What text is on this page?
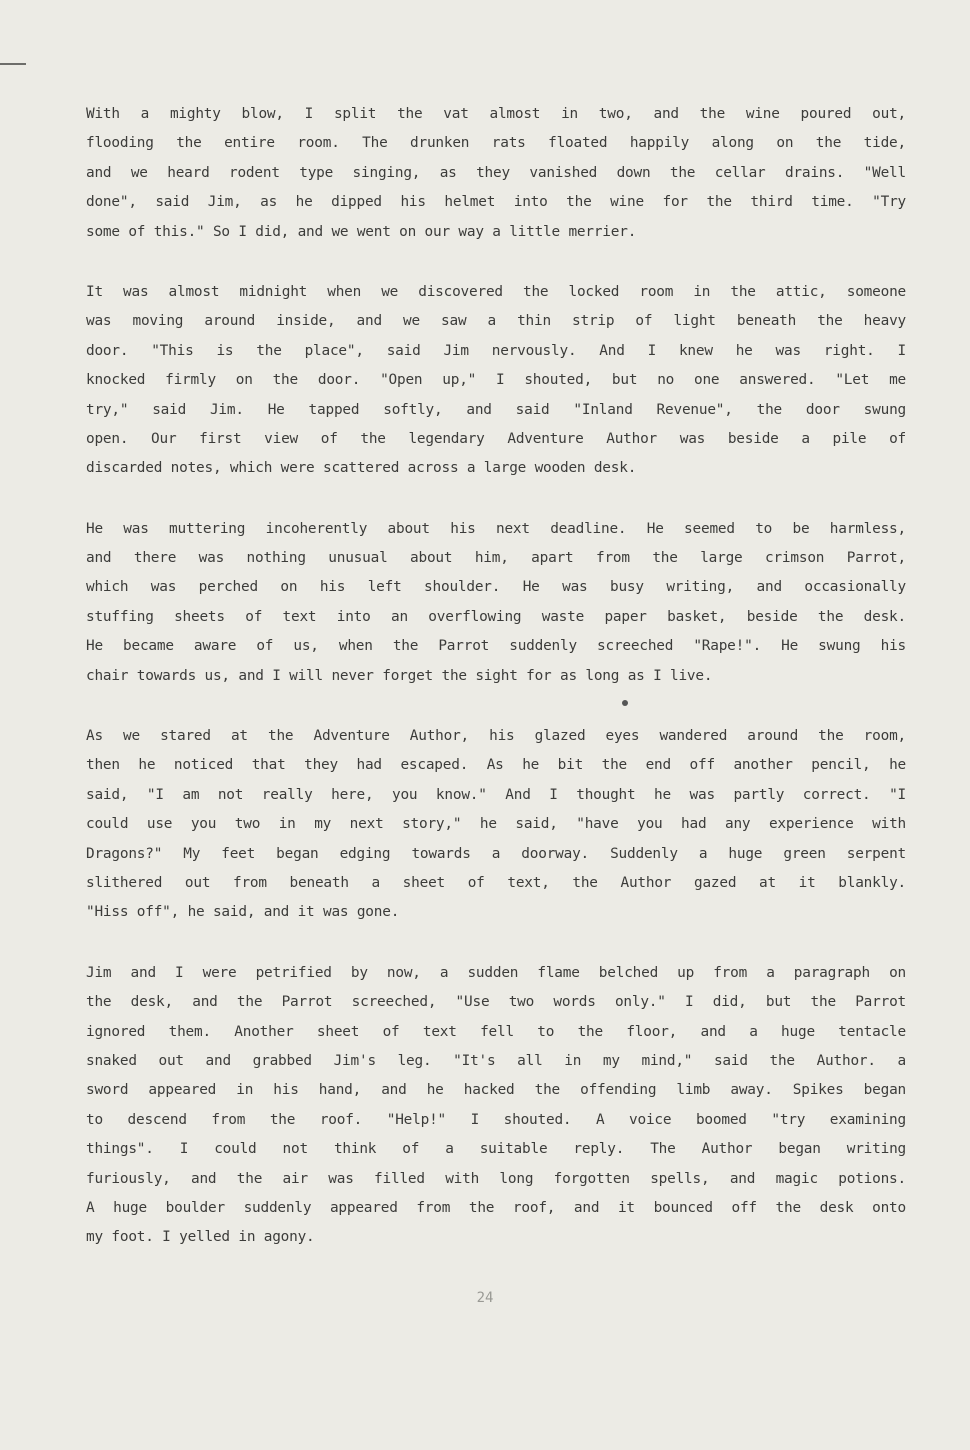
With a mighty blow, I split the vat almost in two, and the wine poured out,
flooding the entire room. The drunken rats floated happily along on the tide,
and we heard rodent type singing, as they vanished down the cellar drains. "Well
done", said Jim, as he dipped his helmet into the wine for the third time. "Try
some of this." So I did, and we went on our way a little merrier.
It was almost midnight when we discovered the locked room in the attic, someone
was moving around inside, and we saw a thin strip of light beneath the heavy
door. "This is the place", said Jim nervously. And I knew he was right. I
knocked firmly on the door. "Open up," I shouted, but no one answered. "Let me
try," said Jim. He tapped softly, and said "Inland Revenue", the door swung
open. Our first view of the legendary Adventure Author was beside a pile of
discarded notes, which were scattered across a large wooden desk.
He was muttering incoherently about his next deadline. He seemed to be harmless,
and there was nothing unusual about him, apart from the large crimson Parrot,
which was perched on his left shoulder. He was busy writing, and occasionally
stuffing sheets of text into an overflowing waste paper basket, beside the desk.
He became aware of us, when the Parrot suddenly screeched "Rape!". He swung his
chair towards us, and I will never forget the sight for as long as I live.
As we stared at the Adventure Author, his glazed eyes wandered around the room,
then he noticed that they had escaped. As he bit the end off another pencil, he
said, "I am not really here, you know." And I thought he was partly correct. "I
could use you two in my next story," he said, "have you had any experience with
Dragons?" My feet began edging towards a doorway. Suddenly a huge green serpent
slithered out from beneath a sheet of text, the Author gazed at it blankly.
"Hiss off", he said, and it was gone.
Jim and I were petrified by now, a sudden flame belched up from a paragraph on
the desk, and the Parrot screeched, "Use two words only." I did, but the Parrot
ignored them. Another sheet of text fell to the floor, and a huge tentacle
snaked out and grabbed Jim's leg. "It's all in my mind," said the Author. a
sword appeared in his hand, and he hacked the offending limb away. Spikes began
to descend from the roof. "Help!" I shouted. A voice boomed "try examining
things". I could not think of a suitable reply. The Author began writing
furiously, and the air was filled with long forgotten spells, and magic potions.
A huge boulder suddenly appeared from the roof, and it bounced off the desk onto
my foot. I yelled in agony.
24
